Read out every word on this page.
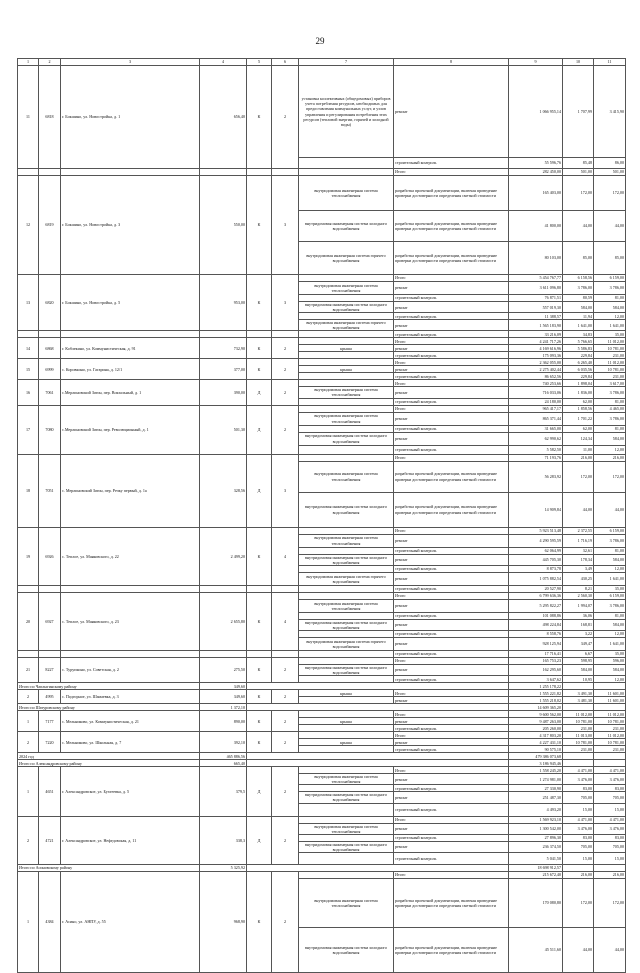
29
1	2	3	4	5	6	7	8	9	10	11
11	6818	г. Бокшино, ул. Новостройка, д. 1	656,40	К	2	установка коллективных (общедомовых) приборов учета потребления ресурсов, необходимых для предоставления коммунальных услуг, и узлов управления и регулирования потребления этих ресурсов (тепловой энергии, горячей и холодной воды)	ремонт	1 066 955,14	1 707,99	3 415,90
							строительный контроль	55 596,76	85,48	86,00
							Итого	282 450,00	501,00	501,00
12	6819	г. Бокшино, ул. Новостройка, д. 3	550,00	К	3	внутридомовая инженерная система теплоснабжения	разработка проектной документации, включая проведение проверки достоверности определения сметной стоимости	165 403,00	172,00	172,00
						внутридомовая инженерная система холодного водоснабжения	разработка проектной документации, включая проведение проверки достоверности определения сметной стоимости	41 800,00	44,00	44,00
						внутридомовая инженерная система горячего водоснабжения	разработка проектной документации, включая проведение проверки достоверности определения сметной стоимости	80 103,00	85,00	85,00
13	6820	г. Бокшино, ул. Новостройка, д. 5	953,00	К	3		Итого	5 454 767,77	6 158,56	6 159,00
						внутридомовая инженерная система теплоснабжения	ремонт	3 611 096,80	3 786,00	3 786,00
							строительный контроль	76 871,51	80,59	81,00
						внутридомовая инженерная система холодного водоснабжения	ремонт	557 019,30	584,00	584,00
							строительный контроль	11 388,57	11,94	12,00
						внутридомовая инженерная система горячего водоснабжения	ремонт	1 565 183,90	1 641,00	1 641,00
							строительный контроль	33 216,09	34,83	35,00
14	6868	г. Коблекино, ул. Коммунистическая, д. 91	732,90	К	2		Итого	4 241 717,26	5 766,65	11 012,00
						крыша	ремонт	4 169 616,96	5 586,83	10 781,00
							строительный контроль	175 093,36	229,84	231,00
15	6999	с. Коровкино, ул. Гагарина, д. 12/1	377,00	К	2		Итого	2 362 055,00	6 265,40	11 012,00
						крыша	ремонт	2 275 402,44	6 035,56	10 781,00
							строительный контроль	86 652,56	229,84	231,00
16	7061	с.Мерлиновский Затон, пер. Вокзальный, д. 1	390,00	Д	2		Итого	740 253,66	1 898,04	3 617,00
						внутридомовая инженерная система теплоснабжения	ремонт	716 033,06	1 836,00	3 786,00
							строительный контроль	24 180,00	62,00	81,00
17	7080	с.Мерлиновский Затон, пер. Революционный, д. 1	501,30	Д	2		Итого	965 417,17	1 858,56	4 465,00
						внутридомовая инженерная система теплоснабжения	ремонт	865 371,44	1 701,22	3 786,00
							строительный контроль	31 665,00	62,00	81,00
						внутридомовая инженерная система холодного водоснабжения	ремонт	62 990,62	124,34	584,00
							строительный контроль	5 582,50	11,00	12,00
18	7051	с. Мерлиновский Затон, пер. Речку первый, д. 1а	328,56	Д	3		Итого	71 193,76	216,00	216,00
						внутридомовая инженерная система теплоснабжения	разработка проектной документации, включая проведение проверки достоверности определения сметной стоимости	56 283,92	172,00	172,00
						внутридомовая инженерная система холодного водоснабжения	разработка проектной документации, включая проведение проверки достоверности определения сметной стоимости	14 909,84	44,00	44,00
19	6926	с. Теплое, ул. Маяковского, д. 22	2 499,20	К	4		Итого	5 923 513,48	2 372,55	6 159,00
						внутридомовая инженерная система теплоснабжения	ремонт	4 290 595,59	1 716,19	3 786,00
							строительный контроль	62 064,99	32,61	81,00
						внутридомовая инженерная система холодного водоснабжения	ремонт	445 705,30	178,34	584,00
							строительный контроль	8 873,78	3,49	12,00
						внутридомовая инженерная система горячего водоснабжения	ремонт	1 075 882,54	430,25	1 641,00
							строительный контроль	20 527,90	8,21	35,00
20	6927	с. Теплое, ул. Маяковского, д. 23	2 655,80	К	4		Итого	6 799 636,36	2 560,30	6 159,00
						внутридомовая инженерная система теплоснабжения	ремонт	5 295 822,27	1 994,07	3 786,00
							строительный контроль	101 088,86	36,06	81,00
						внутридомовая инженерная система холодного водоснабжения	ремонт	498 224,84	168,81	584,00
							строительный контроль	8 558,76	3,22	12,00
						внутридомовая инженерная система горячего водоснабжения	ремонт	928 125,94	349,47	1 641,00
							строительный контроль	17 716,41	6,67	35,00
21	8227	с. Турупкино, ул. Советская, д. 2	275,50	К	2		Итого	165 753,23	598,95	596,00
						внутридомовая инженерная система холодного водоснабжения	ремонт	162 295,60	584,00	584,00
							строительный контроль	3 647,62	10,95	12,00
Итого по Чаплыгинскому району			349,60					1 255 178,22		
2	4995	с. Подгорное, ул. Шамаевка, д. 3	349,60	К	2	крыша	Итого	1 555 221,82	3 491,30	11 601,00
							ремонт	1 555 218,02	3 481,30	11 601,00
Итого по Шатуровскому району			1 372,10					14 609 365,20		
1	7177	с. Мельниково, ул. Коммунистическая, д. 21	890,00	К	2		Итого	9 600 562,00	11 012,00	11 012,00
						крыша	ремонт	9 487 263,00	10 781,00	10 781,00
							строительный контроль	205 260,00	231,00	231,00
2	7220	с. Мельниково, ул. Школьная, д. 7	392,10	К	2		Итого	4 317 803,20	11 013,00	11 012,00
						крыша	ремонт	4 227 431,10	10 781,00	10 781,00
							строительный контроль	90 575,10	231,00	231,00
2024 год			465 886,56					479 386 073,68		
Итого по Александровскому району			665,40					3 186 945,46		
1	4651	г. Александровское, ул. Бухтеевка, д. 5	379,5	Д	2		Итого	1 558 245,20	4 471,00	4 471,00
						внутридомовая инженерная система теплоснабжения	ремонт	1 274 981,00	3 476,00	3 476,00
							строительный контроль	27 330,90	83,00	83,00
						внутридомовая инженерная система холодного водоснабжения	ремонт	251 487,30	705,00	705,00
							строительный контроль	4 493,20	15,00	15,00
2	4721	г. Александровское, ул. Нефедовская, д. 11	338,3	Д	2		Итого	1 569 923,10	4 471,00	4 471,00
						внутридомовая инженерная система теплоснабжения	ремонт	1 300 542,00	3 476,00	3 476,00
							строительный контроль	27 896,30	83,00	83,00
						внутридомовая инженерная система холодного водоснабжения	ремонт	236 374,50	705,00	705,00
							строительный контроль	5 041,50	15,00	15,00
Итого по Асиновскому району			5 325,92					18 698 912,57		
1	4384	г. Асино, ул. АНПУ, д. 55	968,90	К	2		Итого	215 672,40	216,00	216,00
						внутридомовая инженерная система теплоснабжения	разработка проектной документации, включая проведение проверки достоверности определения сметной стоимости	170 080,80	172,00	172,00
						внутридомовая инженерная система холодного водоснабжения	разработка проектной документации, включая проведение проверки достоверности определения сметной стоимости	45 511,60	44,00	44,00
